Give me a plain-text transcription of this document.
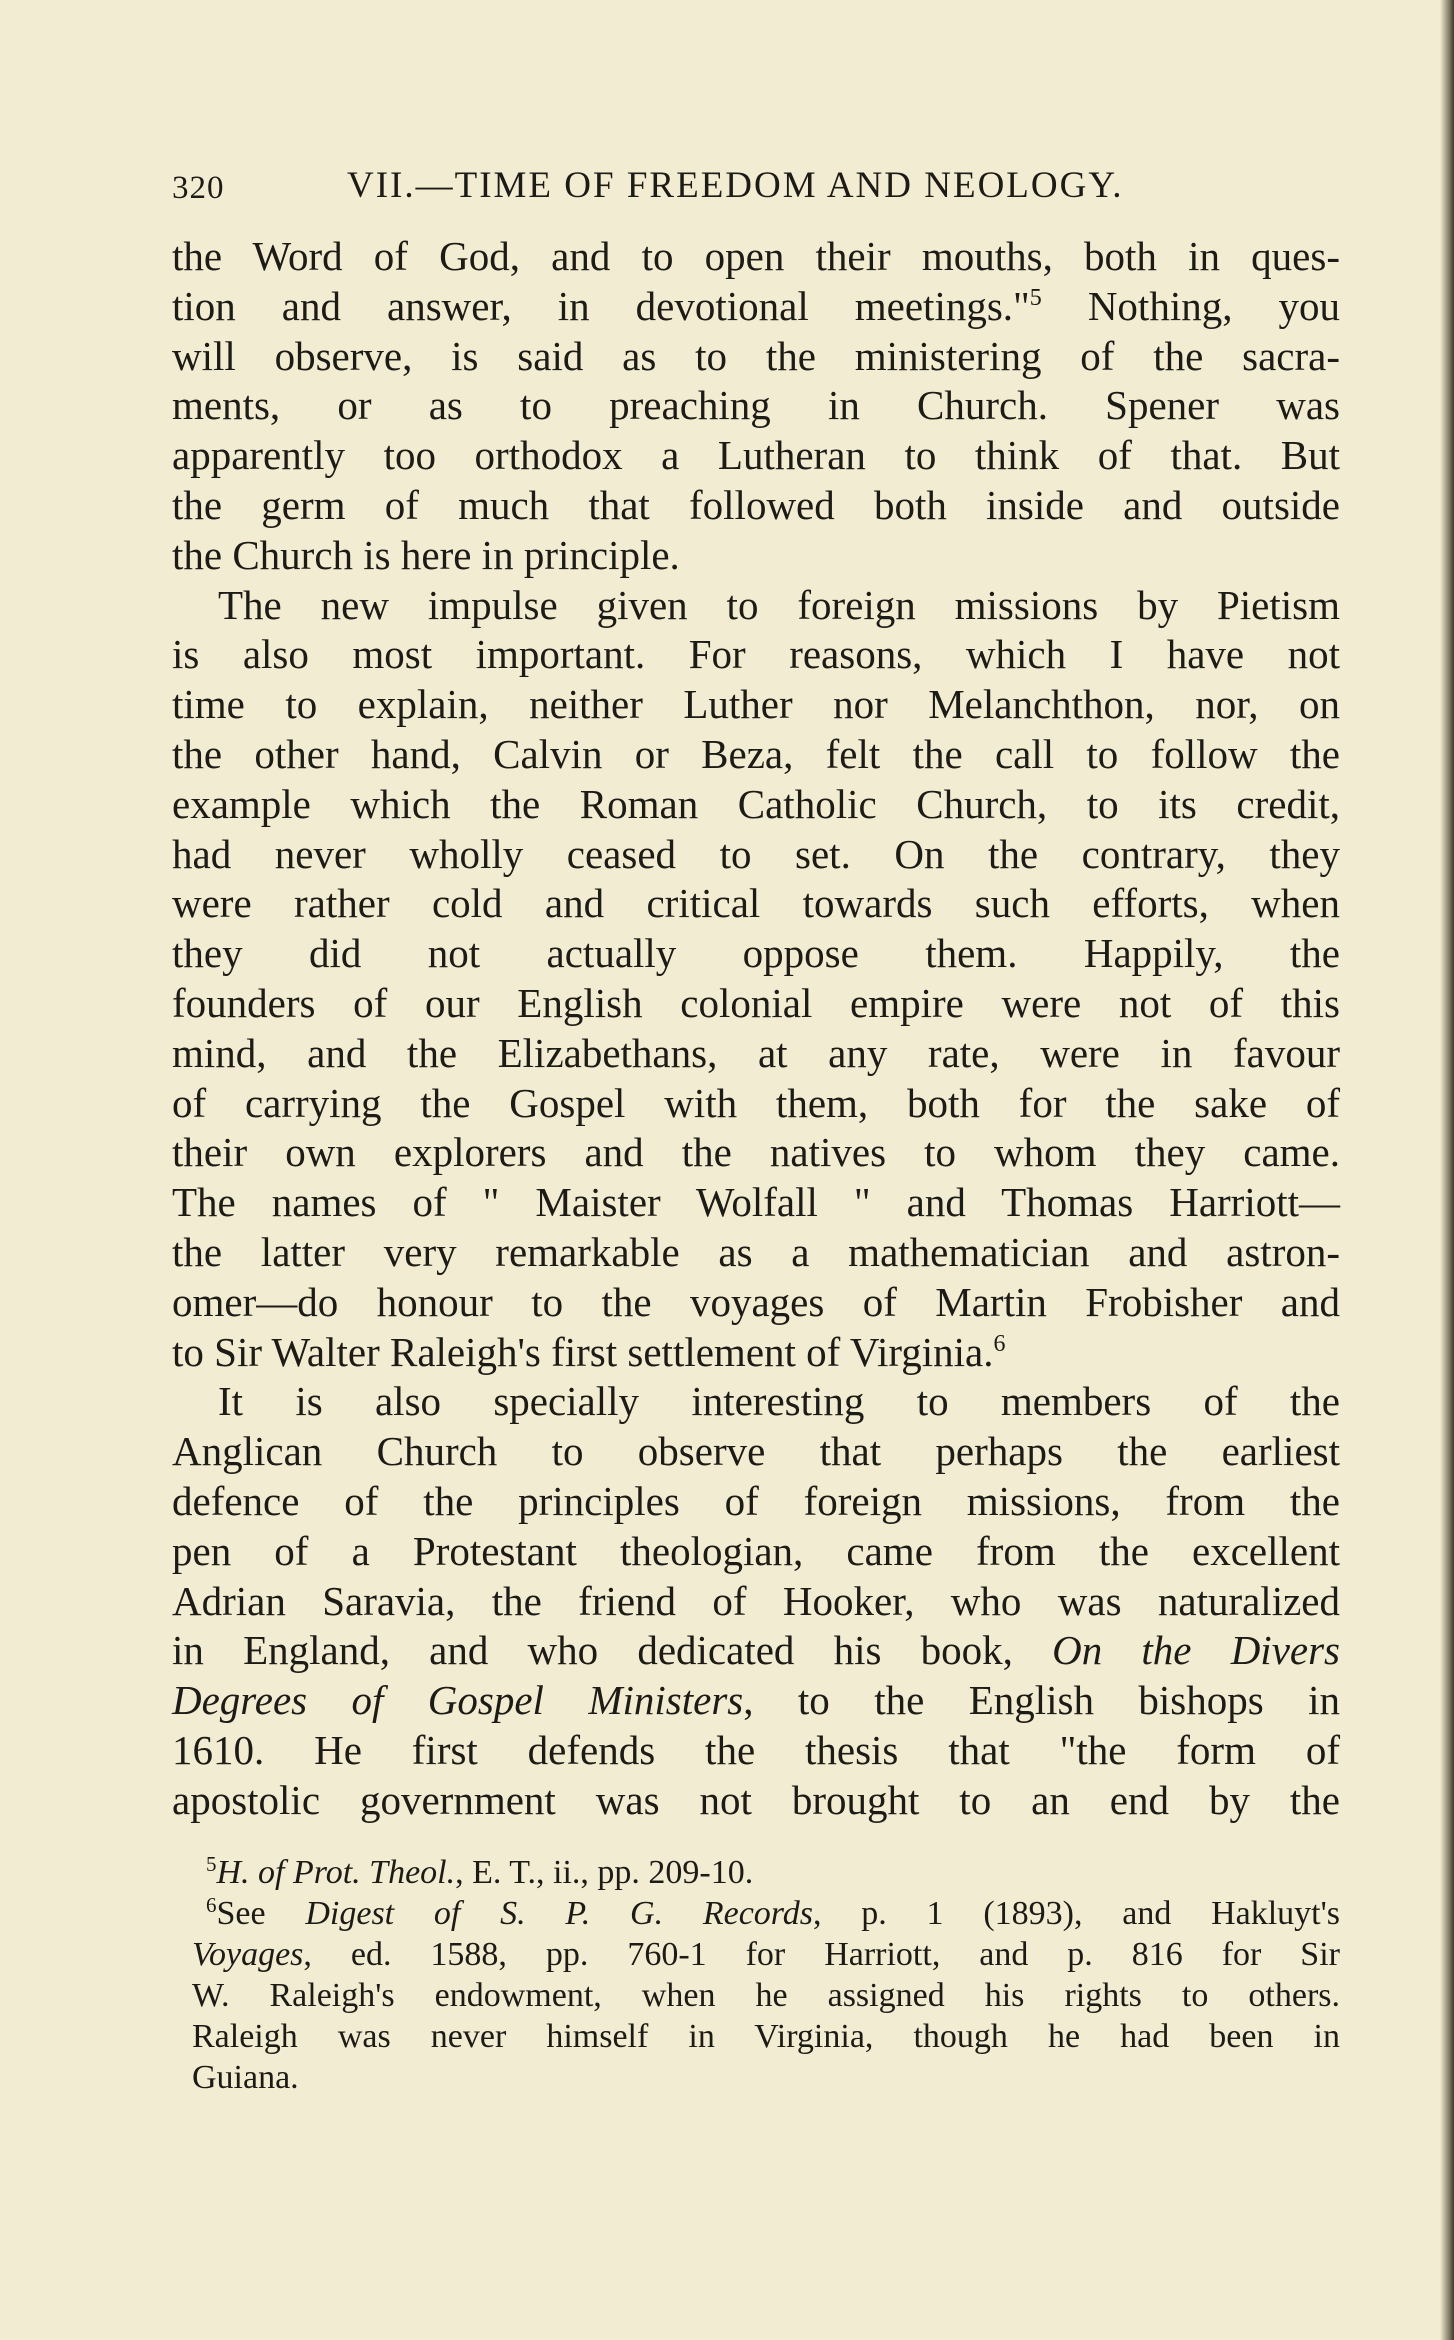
320	VII.—TIME OF FREEDOM AND NEOLOGY.
the Word of God, and to open their mouths, both in ques-
tion and answer, in devotional meetings."$^5$ Nothing, you
will observe, is said as to the ministering of the sacra-
ments, or as to preaching in Church. Spener was
apparently too orthodox a Lutheran to think of that. But
the germ of much that followed both inside and outside
the Church is here in principle.
The new impulse given to foreign missions by Pietism
is also most important. For reasons, which I have not
time to explain, neither Luther nor Melanchthon, nor, on
the other hand, Calvin or Beza, felt the call to follow the
example which the Roman Catholic Church, to its credit,
had never wholly ceased to set. On the contrary, they
were rather cold and critical towards such efforts, when
they did not actually oppose them. Happily, the
founders of our English colonial empire were not of this
mind, and the Elizabethans, at any rate, were in favour
of carrying the Gospel with them, both for the sake of
their own explorers and the natives to whom they came.
The names of " Maister Wolfall " and Thomas Harriott—
the latter very remarkable as a mathematician and astron-
omer—do honour to the voyages of Martin Frobisher and
to Sir Walter Raleigh's first settlement of Virginia.$^6$
It is also specially interesting to members of the
Anglican Church to observe that perhaps the earliest
defence of the principles of foreign missions, from the
pen of a Protestant theologian, came from the excellent
Adrian Saravia, the friend of Hooker, who was naturalized
in England, and who dedicated his book, On the Divers
Degrees of Gospel Ministers, to the English bishops in
1610. He first defends the thesis that "the form of
apostolic government was not brought to an end by the
$^5$H. of Prot. Theol., E. T., ii., pp. 209-10.
$^6$See Digest of S. P. G. Records, p. 1 (1893), and Hakluyt's
Voyages, ed. 1588, pp. 760-1 for Harriott, and p. 816 for Sir
W. Raleigh's endowment, when he assigned his rights to others.
Raleigh was never himself in Virginia, though he had been in
Guiana.
